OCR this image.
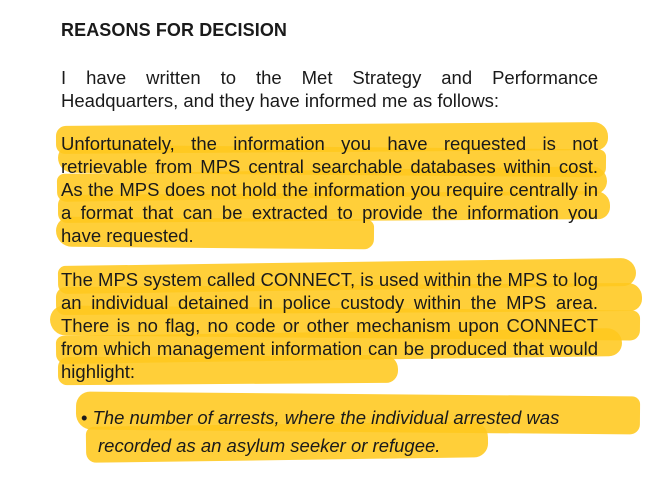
REASONS FOR DECISION

I have written to the Met Strategy and Performance Headquarters, and they have informed me as follows:

Unfortunately, the information you have requested is not retrievable from MPS central searchable databases within cost. As the MPS does not hold the information you require centrally in a format that can be extracted to provide the information you have requested.

The MPS system called CONNECT, is used within the MPS to log an individual detained in police custody within the MPS area. There is no flag, no code or other mechanism upon CONNECT from which management information can be produced that would highlight:

• The number of arrests, where the individual arrested was
recorded as an asylum seeker or refugee.
